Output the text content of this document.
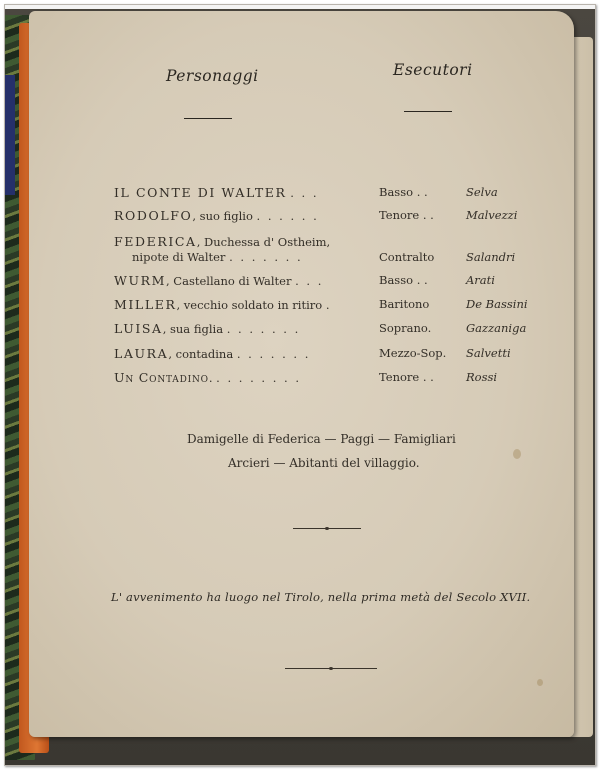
Personaggi	Esecutori
IL CONTE DI WALTER . . .	Basso . .	Selva
RODOLFO, suo figlio . . . . . .	Tenore . .	Malvezzi
FEDERICA, Duchessa d' Ostheim,
nipote di Walter . . . . . . .	Contralto	Salandri
WURM, Castellano di Walter . . .	Basso . .	Arati
MILLER, vecchio soldato in ritiro .	Baritono	De Bassini
LUISA, sua figlia . . . . . . .	Soprano.	Gazzaniga
LAURA, contadina . . . . . . .	Mezzo-Sop. Salvetti
Un Contadino. . . . . . . . .	Tenore . .	Rossi
Damigelle di Federica — Paggi — Famigliari
Arcieri — Abitanti del villaggio.
L' avvenimento ha luogo nel Tirolo, nella prima metà del Secolo XVII.
